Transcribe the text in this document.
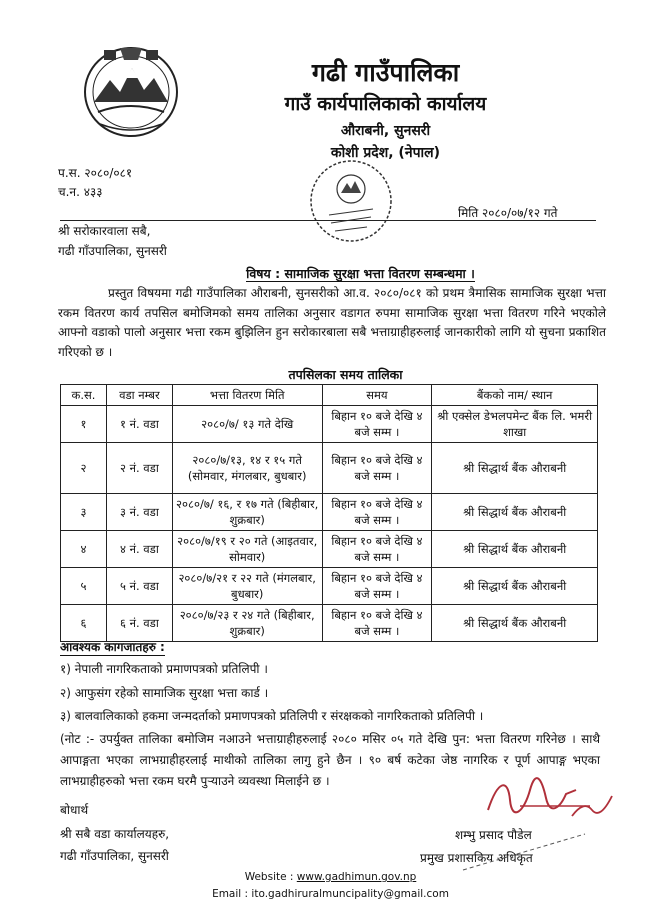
गढी गाउँपालिका
गाउँ कार्यपालिकाको कार्यालय
औराबनी, सुनसरी
कोशी प्रदेश, (नेपाल)
प.स. २०८०/०८१
च.न. ४३३
मिति २०८०/०७/१२ गते
श्री सरोकारवाला सबै,
गढी गाँउपालिका, सुनसरी
विषय : सामाजिक सुरक्षा भत्ता वितरण सम्बन्धमा ।
प्रस्तुत विषयमा गढी गाउँपालिका औराबनी, सुनसरीको आ.व. २०८०/०८१ को प्रथम त्रैमासिक सामाजिक सुरक्षा भत्ता रकम वितरण कार्य तपसिल बमोजिमको समय तालिका अनुसार वडागत रुपमा सामाजिक सुरक्षा भत्ता वितरण गरिने भएकोले आफ्नो वडाको पालो अनुसार भत्ता रकम बुझिलिन हुन सरोकारबाला सबै भत्ताग्राहीहरुलाई जानकारीको लागि यो सुचना प्रकाशित गरिएको छ ।
तपसिलका समय तालिका
क.स.	वडा नम्बर	भत्ता वितरण मिति	समय	बैंकको नाम/ स्थान
१	१ नं. वडा	२०८०/७/ १३ गते देखि	बिहान १० बजे देखि ४ बजे सम्म ।	श्री एक्सेल डेभलपमेन्ट बैंक लि. भमरी शाखा
२	२ नं. वडा	२०८०/७/१३, १४ र १५ गते (सोमवार, मंगलबार, बुधबार)	बिहान १० बजे देखि ४ बजे सम्म ।	श्री सिद्धार्थ बैंक औराबनी
३	३ नं. वडा	२०८०/७/ १६, र १७ गते (बिहीबार, शुक्रबार)	बिहान १० बजे देखि ४ बजे सम्म ।	श्री सिद्धार्थ बैंक औराबनी
४	४ नं. वडा	२०८०/७/१९ र २० गते (आइतवार, सोमवार)	बिहान १० बजे देखि ४ बजे सम्म ।	श्री सिद्धार्थ बैंक औराबनी
५	५ नं. वडा	२०८०/७/२१ र २२ गते (मंगलबार, बुधबार)	बिहान १० बजे देखि ४ बजे सम्म ।	श्री सिद्धार्थ बैंक औराबनी
६	६ नं. वडा	२०८०/७/२३ र २४ गते (बिहीबार, शुक्रबार)	बिहान १० बजे देखि ४ बजे सम्म ।	श्री सिद्धार्थ बैंक औराबनी
आवश्यक कागजातहरु :
१) नेपाली नागरिकताको प्रमाणपत्रको प्रतिलिपी ।
२) आफुसंग रहेको सामाजिक सुरक्षा भत्ता कार्ड ।
३) बालवालिकाको हकमा जन्मदर्ताको प्रमाणपत्रको प्रतिलिपी र संरक्षकको नागरिकताको प्रतिलिपी ।
(नोट :- उपर्युक्त तालिका बमोजिम नआउने भत्ताग्राहीहरुलाई २०८० मसिर ०५ गते देखि पुन: भत्ता वितरण गरिनेछ । साथै आपाङ्गता भएका लाभग्राहीहरलाई माथीको तालिका लागु हुने छैन । ९० बर्ष कटेका जेष्ठ नागरिक र पूर्ण आपाङ्ग भएका लाभग्राहीहरुको भत्ता रकम घरमै पुऱ्याउने व्यवस्था मिलाईने छ ।
बोधार्थ
श्री सबै वडा कार्यालयहरु,
गढी गाँउपालिका, सुनसरी
शम्भु प्रसाद पौडेल
प्रमुख प्रशासकिय अधिकृत
Website : www.gadhimun.gov.np
Email : ito.gadhiruralmuncipality@gmail.com
